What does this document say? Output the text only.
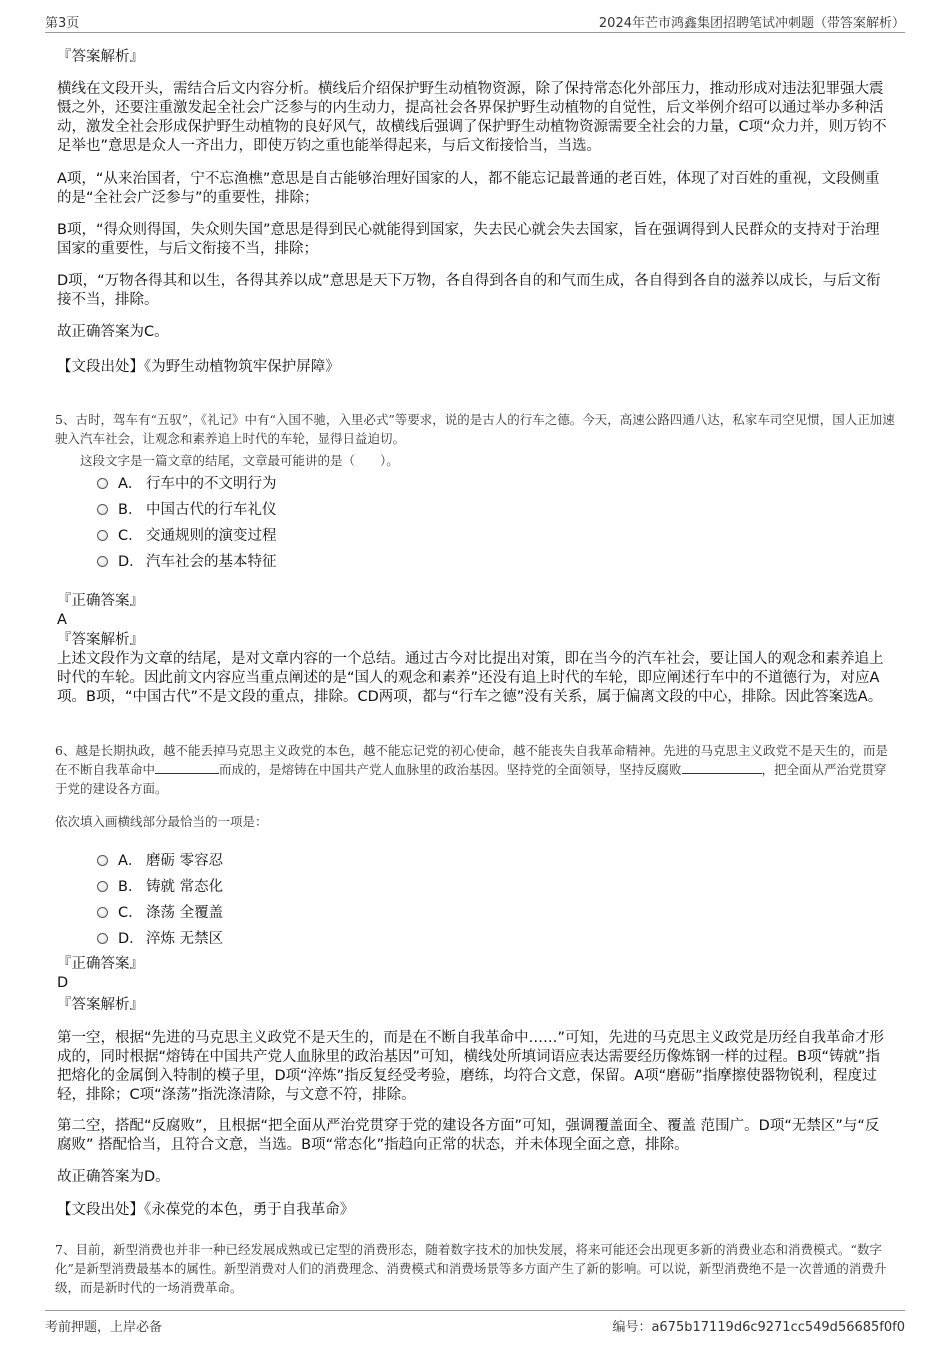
第3页	2024年芒市鸿鑫集团招聘笔试冲刺题（带答案解析）
『答案解析』
横线在文段开头，需结合后文内容分析。横线后介绍保护野生动植物资源，除了保持常态化外部压力，推动形成对违法犯罪强大震慑之外，还要注重激发起全社会广泛参与的内生动力，提高社会各界保护野生动植物的自觉性，后文举例介绍可以通过举办多种活动，激发全社会形成保护野生动植物的良好风气，故横线后强调了保护野生动植物资源需要全社会的力量，C项“众力并，则万钧不足举也”意思是众人一齐出力，即使万钧之重也能举得起来，与后文衔接恰当，当选。
A项，“从来治国者，宁不忘渔樵”意思是自古能够治理好国家的人，都不能忘记最普通的老百姓，体现了对百姓的重视，文段侧重的是“全社会广泛参与”的重要性，排除；
B项，“得众则得国，失众则失国”意思是得到民心就能得到国家，失去民心就会失去国家，旨在强调得到人民群众的支持对于治理国家的重要性，与后文衔接不当，排除；
D项，“万物各得其和以生，各得其养以成”意思是天下万物，各自得到各自的和气而生成，各自得到各自的滋养以成长，与后文衔接不当，排除。
故正确答案为C。
【文段出处】《为野生动植物筑牢保护屏障》
5、古时，驾车有“五驭”，《礼记》中有“入国不驰，入里必式”等要求，说的是古人的行车之德。今天，高速公路四通八达，私家车司空见惯，国人正加速驶入汽车社会，让观念和素养追上时代的车轮，显得日益迫切。
这段文字是一篇文章的结尾，文章最可能讲的是（　　）。
A． 行车中的不文明行为
B． 中国古代的行车礼仪
C． 交通规则的演变过程
D． 汽车社会的基本特征
『正确答案』
A
『答案解析』
上述文段作为文章的结尾，是对文章内容的一个总结。通过古今对比提出对策，即在当今的汽车社会，要让国人的观念和素养追上时代的车轮。因此前文内容应当重点阐述的是“国人的观念和素养”还没有追上时代的车轮，即应阐述行车中的不道德行为，对应A项。B项，“中国古代”不是文段的重点，排除。CD两项，都与“行车之德”没有关系，属于偏离文段的中心，排除。因此答案选A。
6、越是长期执政，越不能丢掉马克思主义政党的本色，越不能忘记党的初心使命，越不能丧失自我革命精神。先进的马克思主义政党不是天生的，而是在不断自我革命中	而成的，是熔铸在中国共产党人血脉里的政治基因。坚持党的全面领导，坚持反腐败	，把全面从严治党贯穿于党的建设各方面。
依次填入画横线部分最恰当的一项是：
A． 磨砺 零容忍
B． 铸就 常态化
C． 涤荡 全覆盖
D． 淬炼 无禁区
『正确答案』
D
『答案解析』
第一空，根据“先进的马克思主义政党不是天生的，而是在不断自我革命中……”可知，先进的马克思主义政党是历经自我革命才形成的，同时根据“熔铸在中国共产党人血脉里的政治基因”可知，横线处所填词语应表达需要经历像炼钢一样的过程。B项“铸就”指把熔化的金属倒入特制的模子里，D项“淬炼”指反复经受考验，磨练，均符合文意，保留。A项“磨砺”指摩擦使器物锐利，程度过轻，排除；C项“涤荡”指洗涤清除，与文意不符，排除。
第二空，搭配“反腐败”，且根据“把全面从严治党贯穿于党的建设各方面”可知，强调覆盖面全、覆盖 范围广。D项“无禁区”与“反腐败” 搭配恰当，且符合文意，当选。B项“常态化”指趋向正常的状态，并未体现全面之意，排除。
故正确答案为D。
【文段出处】《永葆党的本色，勇于自我革命》
7、目前，新型消费也并非一种已经发展成熟或已定型的消费形态，随着数字技术的加快发展，将来可能还会出现更多新的消费业态和消费模式。“数字化”是新型消费最基本的属性。新型消费对人们的消费理念、消费模式和消费场景等多方面产生了新的影响。可以说，新型消费绝不是一次普通的消费升级，而是新时代的一场消费革命。
考前押题，上岸必备	编号：a675b17119d6c9271cc549d56685f0f0
